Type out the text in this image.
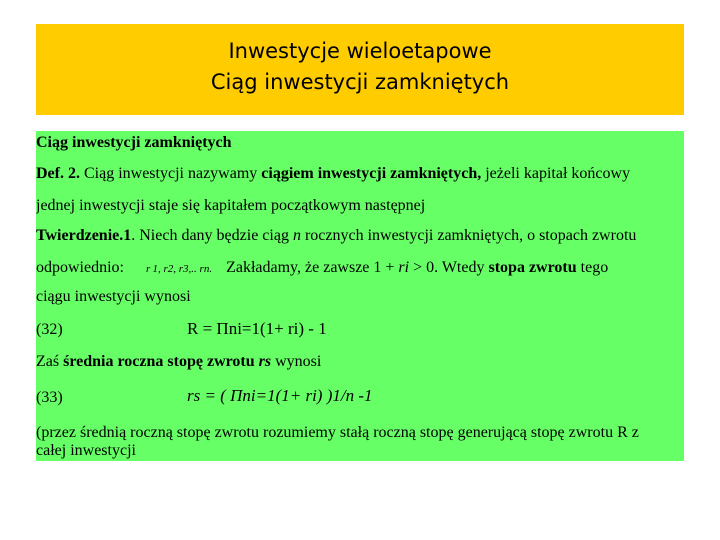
Inwestycje wieloetapowe
Ciąg inwestycji zamkniętych
Ciąg inwestycji zamkniętych
Def. 2. Ciąg inwestycji nazywamy ciągiem inwestycji zamkniętych, jeżeli kapitał końcowy
jednej inwestycji staje się kapitałem początkowym następnej
Twierdzenie.1. Niech dany będzie ciąg n rocznych inwestycji zamkniętych, o stopach zwrotu
odpowiednio: r 1, r2, r3,.. rn. Zakładamy, że zawsze 1 + ri > 0. Wtedy stopa zwrotu tego
ciągu inwestycji wynosi
(32)	R = Πni=1(1+ ri) - 1
Zaś średnia roczna stopę zwrotu rs wynosi
(33)	rs = ( Πni=1(1+ ri) )1/n -1
(przez średnią roczną stopę zwrotu rozumiemy stałą roczną stopę generującą stopę zwrotu R z
całej inwestycji
